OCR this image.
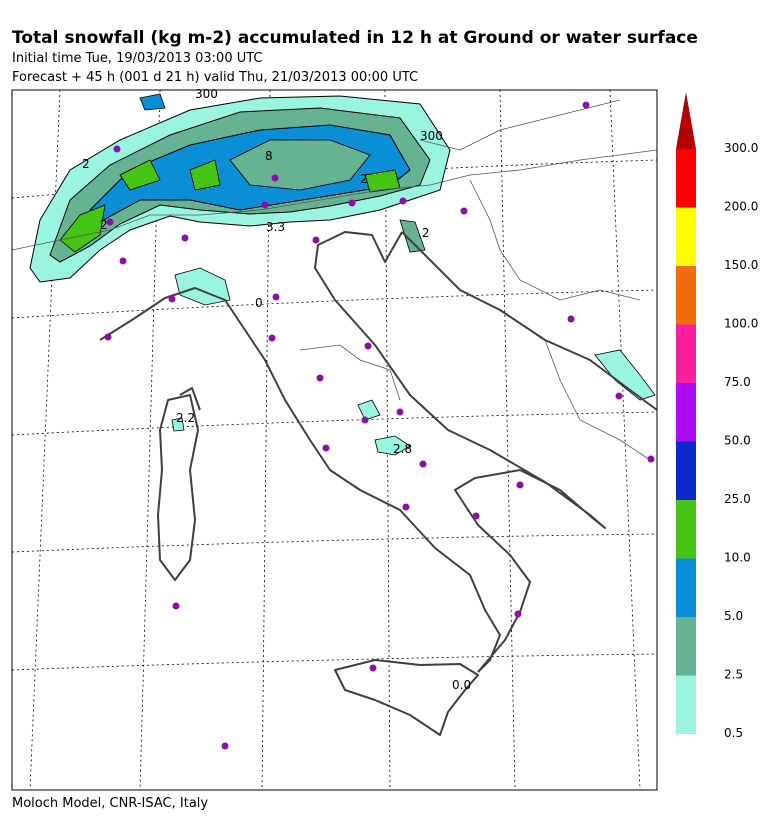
Total snowfall (kg m-2) accumulated in 12 h at Ground or water surface
Initial time Tue, 19/03/2013 03:00 UTC
Forecast + 45 h (001 d 21 h) valid Thu, 21/03/2013 00:00 UTC
300
300
2
8
2
3.3
2
.2
0
2.2
2.8
0.0
0.5
2.5
5.0
10.0
25.0
50.0
75.0
100.0
150.0
200.0
300.0
Moloch Model, CNR-ISAC, Italy
